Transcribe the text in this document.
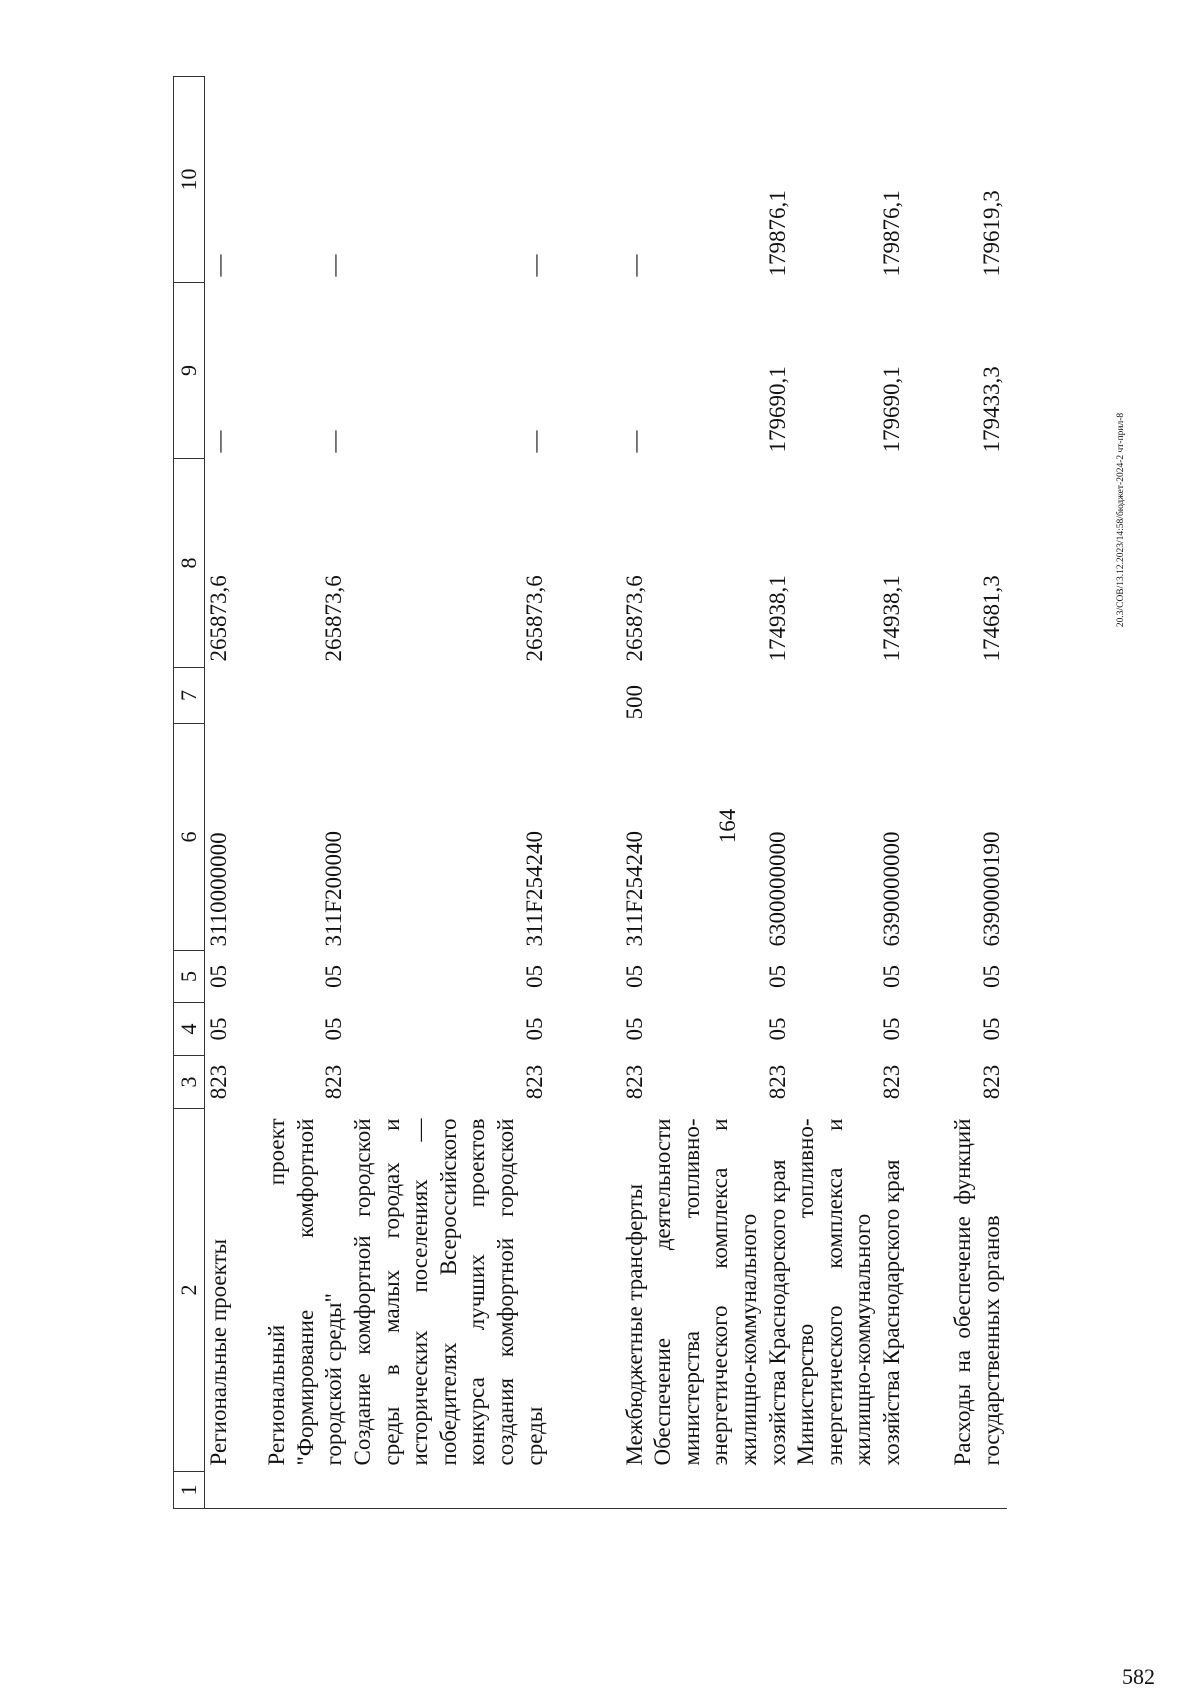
164
20.3/СОВ/13.12.2023/14:58/бюджет-2024-2 чт-прил-8
582
1	2	3	4	5	6	7	8	9	10
	Региональные проекты	823	05	05	3110000000		265873,6	—	—
	Региональный проект "Формирование комфортной городской среды"	823	05	05	311F200000		265873,6	—	—
	Создание комфортной городской среды в малых городах и исторических поселениях — победителях Всероссийского конкурса лучших проектов создания комфортной городской среды	823	05	05	311F254240		265873,6	—	—
	Межбюджетные трансферты	823	05	05	311F254240	500	265873,6	—	—
	Обеспечение деятельности министерства топливно-энергетического комплекса и жилищно-коммунального хозяйства Краснодарского края	823	05	05	6300000000		174938,1	179690,1	179876,1
	Министерство топливно-энергетического комплекса и жилищно-коммунального хозяйства Краснодарского края	823	05	05	6390000000		174938,1	179690,1	179876,1
	Расходы на обеспечение функций государственных органов	823	05	05	6390000190		174681,3	179433,3	179619,3
